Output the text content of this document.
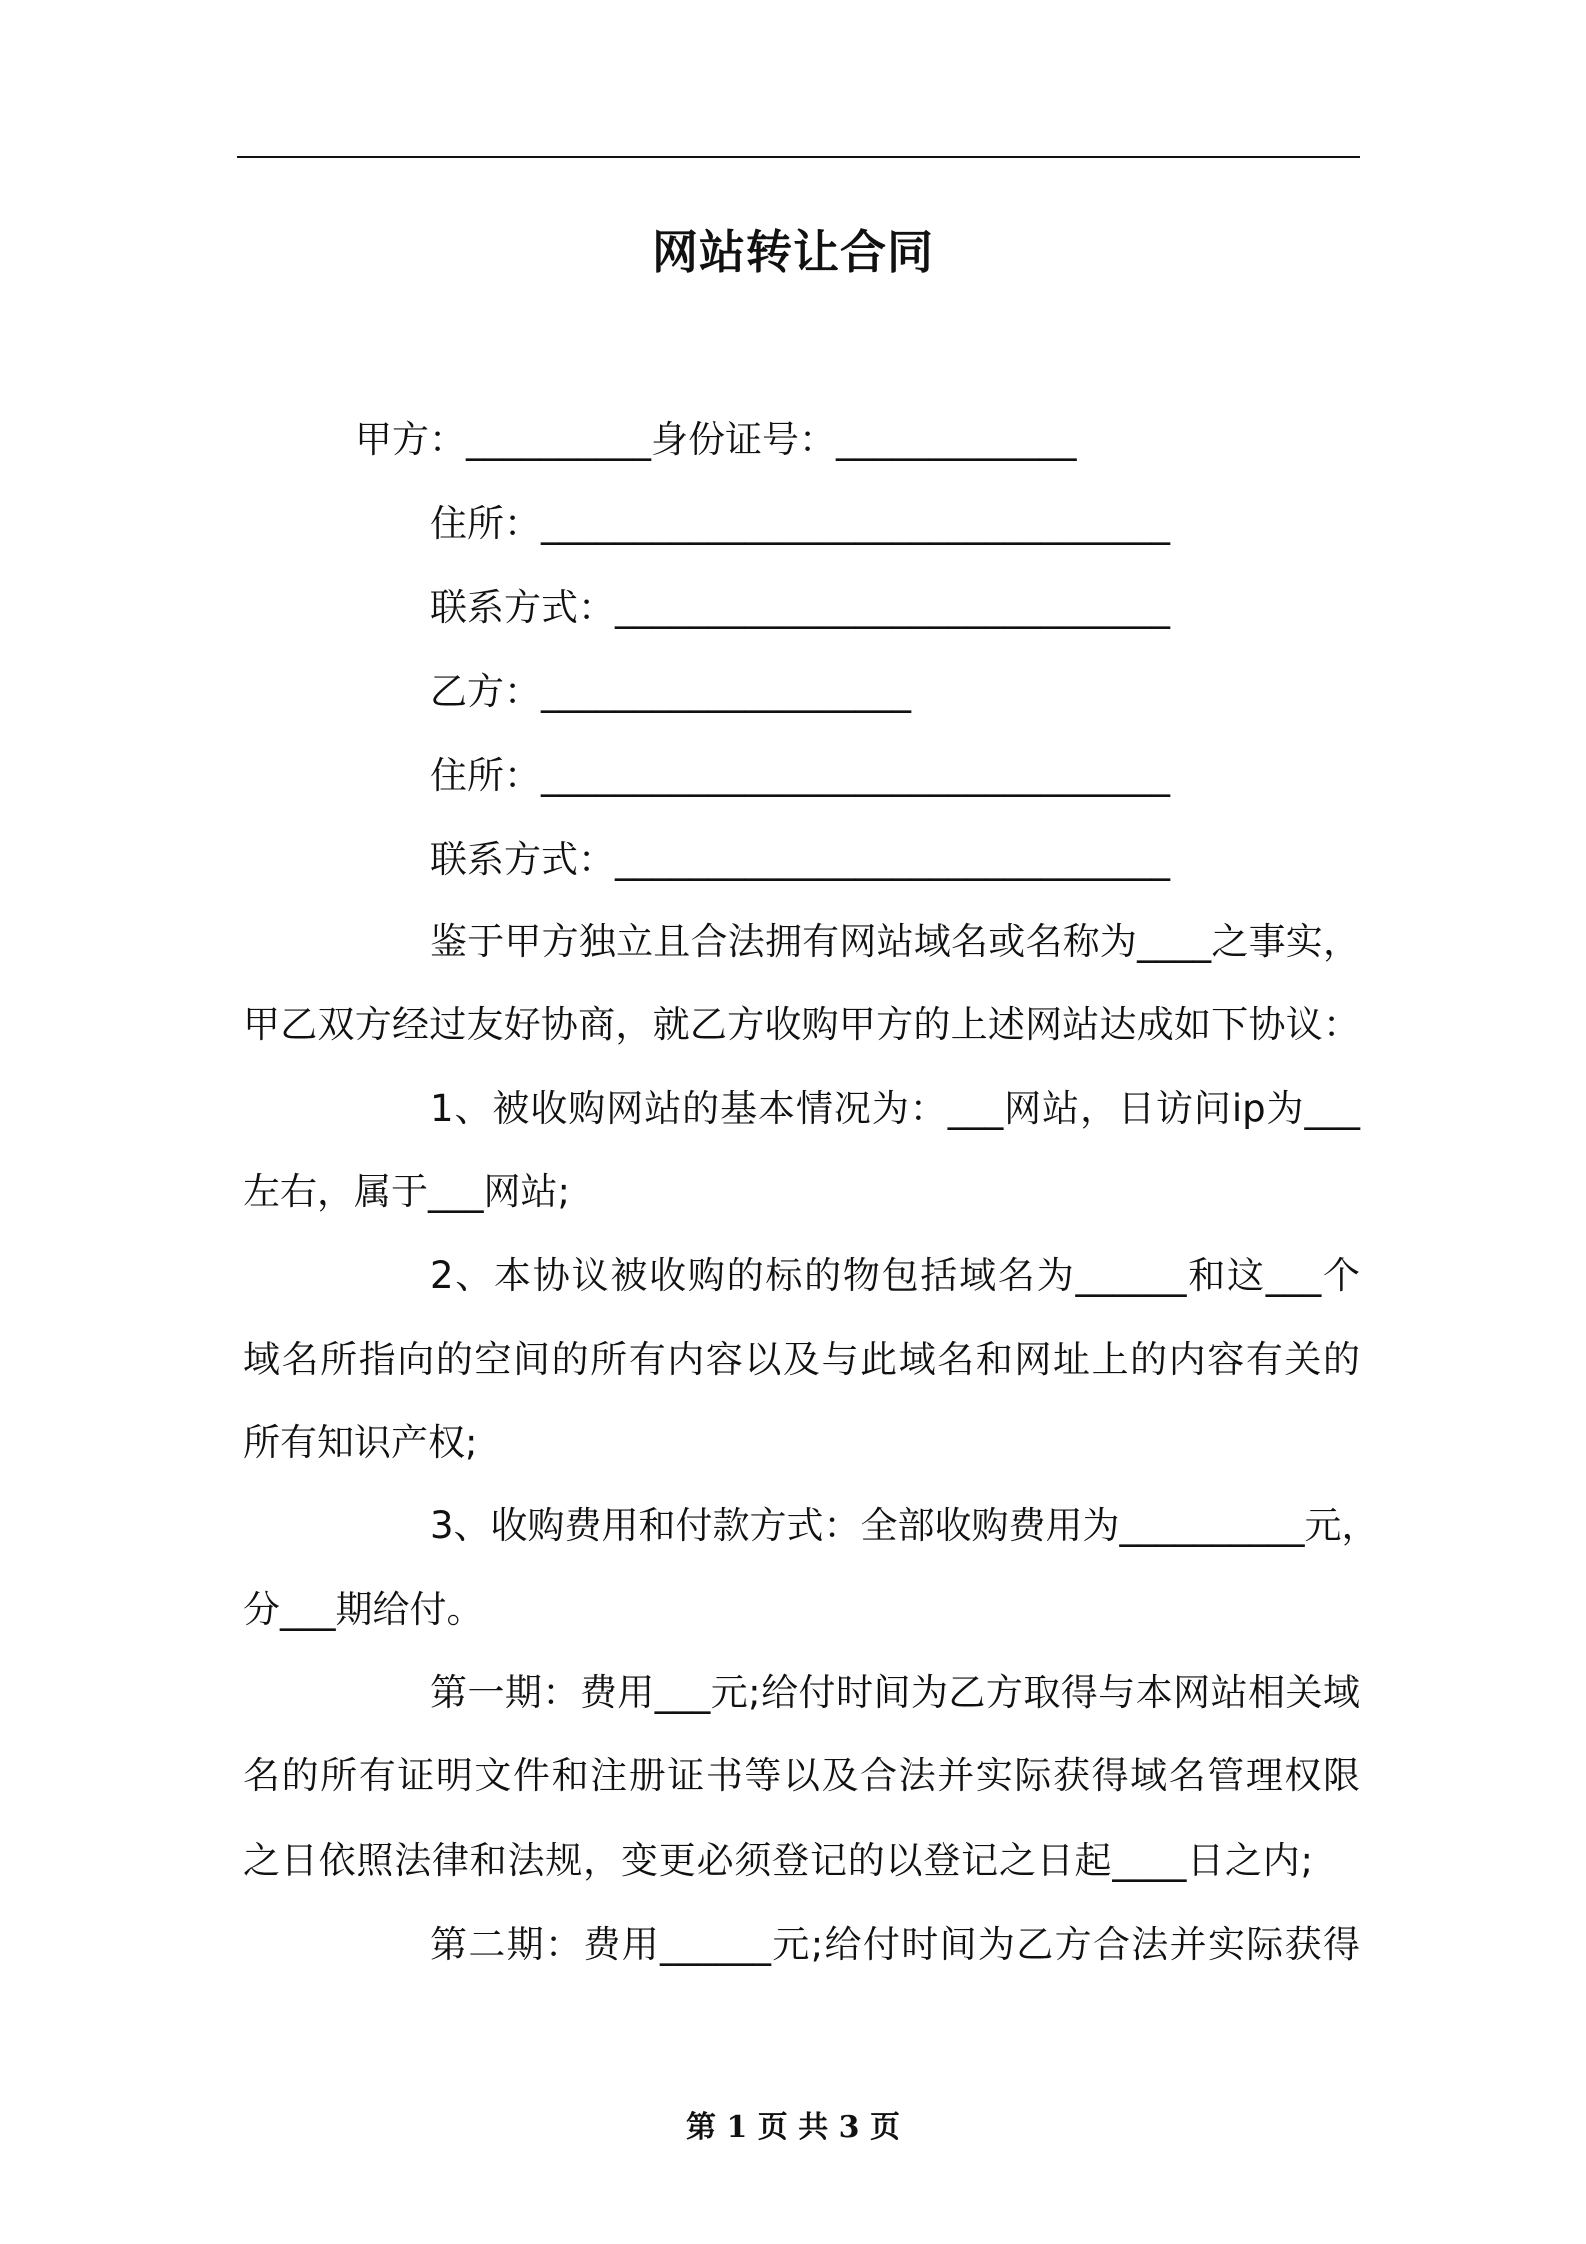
网站转让合同
甲方：__________身份证号：_____________
住所：__________________________________
联系方式：______________________________
乙方：____________________
住所：__________________________________
联系方式：______________________________
鉴于甲方独立且合法拥有网站域名或名称为____之事实，
甲乙双方经过友好协商，就乙方收购甲方的上述网站达成如下协议：
1、被收购网站的基本情况为：___网站，日访问ip为___
左右，属于___网站;
2、本协议被收购的标的物包括域名为______和这___个
域名所指向的空间的所有内容以及与此域名和网址上的内容有关的
所有知识产权;
3、收购费用和付款方式：全部收购费用为__________元，
分___期给付。
第一期：费用___元;给付时间为乙方取得与本网站相关域
名的所有证明文件和注册证书等以及合法并实际获得域名管理权限
之日依照法律和法规，变更必须登记的以登记之日起____日之内;
第二期：费用______元;给付时间为乙方合法并实际获得
第 1 页 共 3 页
